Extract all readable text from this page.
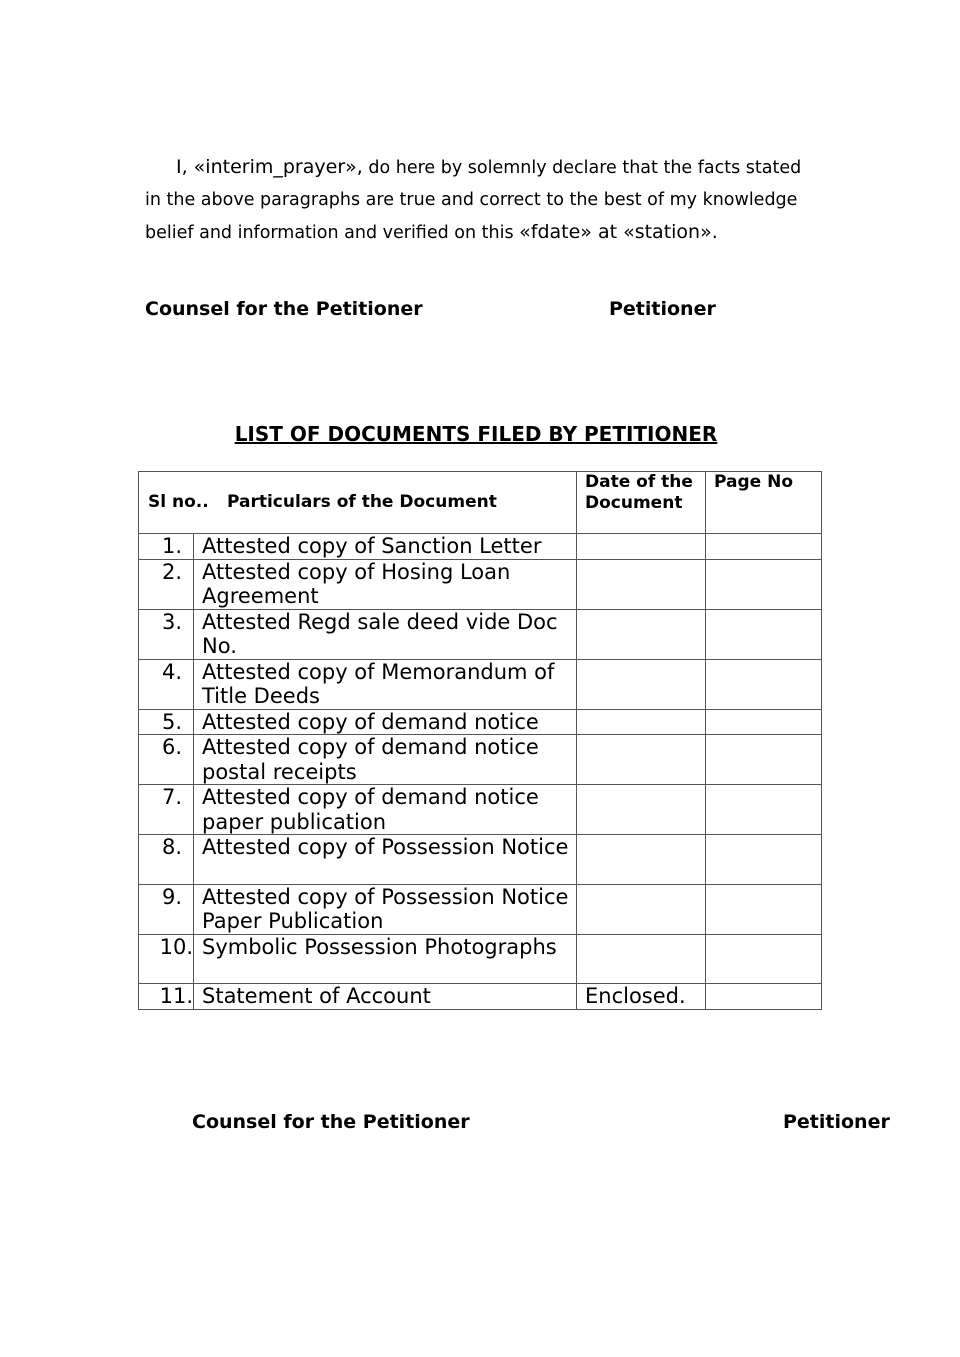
I, «interim_prayer», do here by solemnly declare that the facts stated
in the above paragraphs are true and correct to the best of my knowledge
belief and information and verified on this «fdate» at «station».

Counsel for the Petitioner	Petitioner
LIST OF DOCUMENTS FILED BY PETITIONER
Sl no.. Particulars of the Document		Date of the Document	Page No
1.	Attested copy of Sanction Letter		
2.	Attested copy of Hosing Loan Agreement		
3.	Attested Regd sale deed vide Doc No.		
4.	Attested copy of Memorandum of Title Deeds		
5.	Attested copy of demand notice		
6.	Attested copy of demand notice postal receipts		
7.	Attested copy of demand notice paper publication		
8.	Attested copy of Possession Notice		
9.	Attested copy of Possession Notice Paper Publication		
10.	Symbolic Possession Photographs		
11.	Statement of Account	Enclosed.	
Counsel for the Petitioner	Petitioner
